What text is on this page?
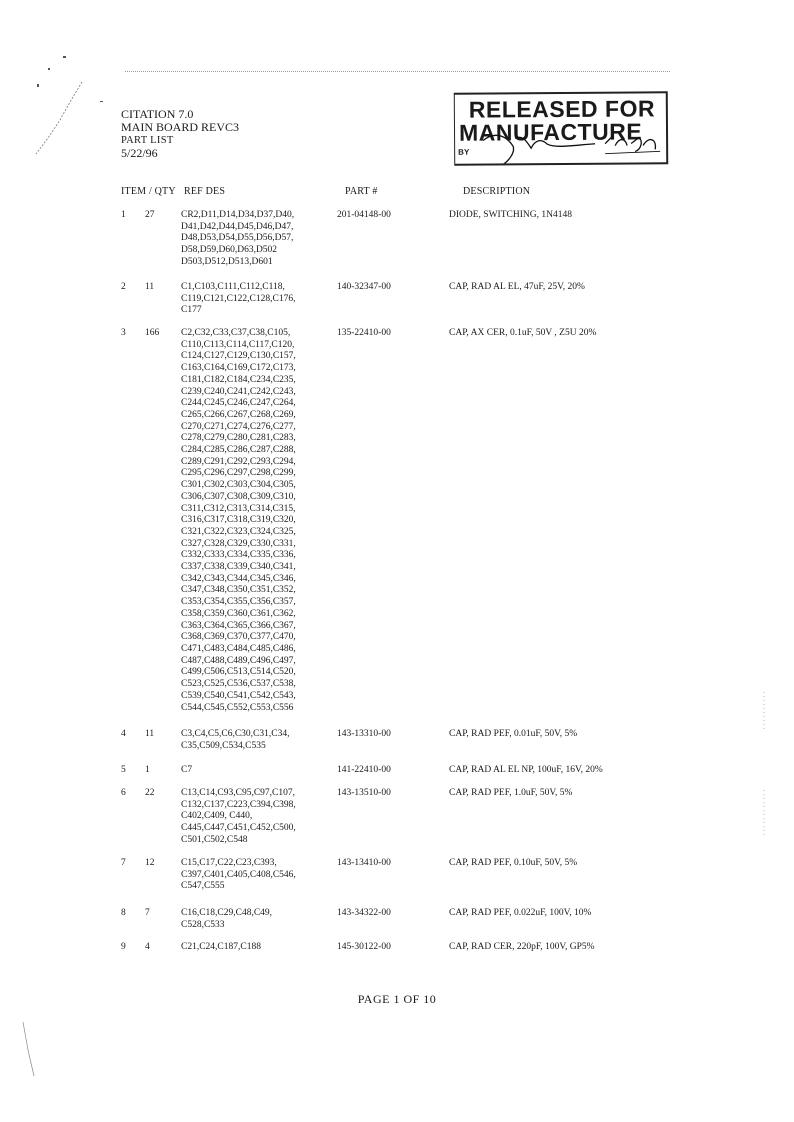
CITATION 7.0
MAIN BOARD REVC3
PART LIST
5/22/96
RELEASED FOR
MANUFACTURE
BY
ITEM / QTY REF DES	PART #	DESCRIPTION
1 27	CR2,D11,D14,D34,D37,D40,
D41,D42,D44,D45,D46,D47,
D48,D53,D54,D55,D56,D57,
D58,D59,D60,D63,D502
D503,D512,D513,D601
201-04148-00	DIODE, SWITCHING, 1N4148
2 11	C1,C103,C111,C112,C118,
C119,C121,C122,C128,C176,
C177
140-32347-00	CAP, RAD AL EL, 47uF, 25V, 20%
3 166	C2,C32,C33,C37,C38,C105,
C110,C113,C114,C117,C120,
C124,C127,C129,C130,C157,
C163,C164,C169,C172,C173,
C181,C182,C184,C234,C235,
C239,C240,C241,C242,C243,
C244,C245,C246,C247,C264,
C265,C266,C267,C268,C269,
C270,C271,C274,C276,C277,
C278,C279,C280,C281,C283,
C284,C285,C286,C287,C288,
C289,C291,C292,C293,C294,
C295,C296,C297,C298,C299,
C301,C302,C303,C304,C305,
C306,C307,C308,C309,C310,
C311,C312,C313,C314,C315,
C316,C317,C318,C319,C320,
C321,C322,C323,C324,C325,
C327,C328,C329,C330,C331,
C332,C333,C334,C335,C336,
C337,C338,C339,C340,C341,
C342,C343,C344,C345,C346,
C347,C348,C350,C351,C352,
C353,C354,C355,C356,C357,
C358,C359,C360,C361,C362,
C363,C364,C365,C366,C367,
C368,C369,C370,C377,C470,
C471,C483,C484,C485,C486,
C487,C488,C489,C496,C497,
C499,C506,C513,C514,C520,
C523,C525,C536,C537,C538,
C539,C540,C541,C542,C543,
C544,C545,C552,C553,C556
135-22410-00	CAP, AX CER, 0.1uF, 50V , Z5U 20%
4 11	C3,C4,C5,C6,C30,C31,C34,
C35,C509,C534,C535
143-13310-00	CAP, RAD PEF, 0.01uF, 50V, 5%
5 1	C7	141-22410-00	CAP, RAD AL EL NP, 100uF, 16V, 20%
6 22	C13,C14,C93,C95,C97,C107,
C132,C137,C223,C394,C398,
C402,C409, C440,
C445,C447,C451,C452,C500,
C501,C502,C548
143-13510-00	CAP, RAD PEF, 1.0uF, 50V, 5%
7 12	C15,C17,C22,C23,C393,
C397,C401,C405,C408,C546,
C547,C555
143-13410-00	CAP, RAD PEF, 0.10uF, 50V, 5%
8 7	C16,C18,C29,C48,C49,
C528,C533
143-34322-00	CAP, RAD PEF, 0.022uF, 100V, 10%
9 4	C21,C24,C187,C188	145-30122-00	CAP, RAD CER, 220pF, 100V, GP5%
PAGE 1 OF 10
